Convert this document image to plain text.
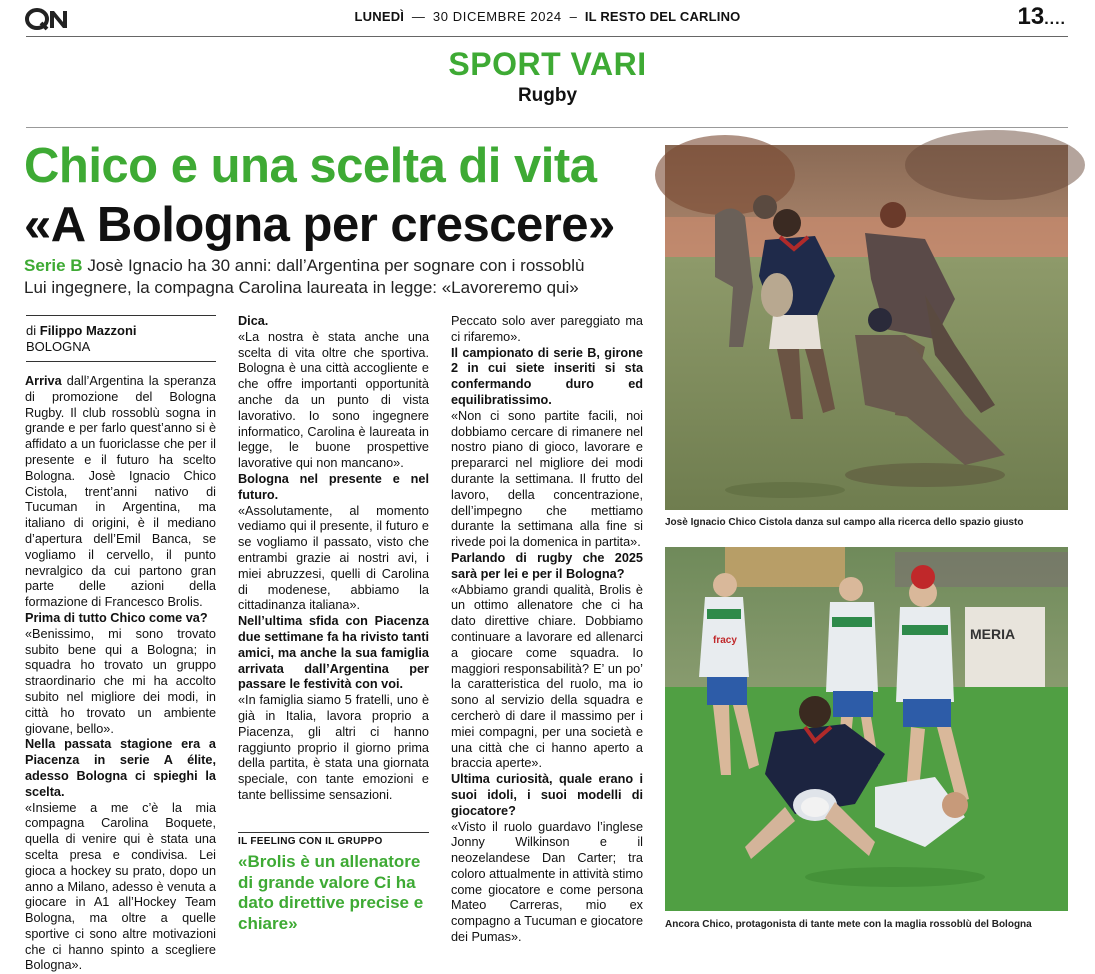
LUNEDÌ — 30 DICEMBRE 2024 – IL RESTO DEL CARLINO	13....
SPORT VARI
Rugby
Chico e una scelta di vita
«A Bologna per crescere»
Serie B Josè Ignacio ha 30 anni: dall’Argentina per sognare con i rossoblù
Lui ingegnere, la compagna Carolina laureata in legge: «Lavoreremo qui»
di Filippo Mazzoni
BOLOGNA

Arriva dall’Argentina la speranza di promozione del Bologna Rugby. Il club rossoblù sogna in grande e per farlo quest’anno si è affidato a un fuoriclasse che per il presente e il futuro ha scelto Bologna. Josè Ignacio Chico Cistola, trent’anni nativo di Tucuman in Argentina, ma italiano di origini, è il mediano d’apertura dell’Emil Banca, se vogliamo il cervello, il punto nevralgico da cui partono gran parte delle azioni della formazione di Francesco Brolis.

Prima di tutto Chico come va?

«Benissimo, mi sono trovato subito bene qui a Bologna; in squadra ho trovato un gruppo straordinario che mi ha accolto subito nel migliore dei modi, in città ho trovato un ambiente giovane, bello».

Nella passata stagione era a Piacenza in serie A élite, adesso Bologna ci spieghi la scelta.

«Insieme a me c’è la mia compagna Carolina Boquete, quella di venire qui è stata una scelta presa e condivisa. Lei gioca a hockey su prato, dopo un anno a Milano, adesso è venuta a giocare in A1 all’Hockey Team Bologna, ma oltre a quelle sportive ci sono altre motivazioni che ci hanno spinto a scegliere Bologna».

Dica.

«La nostra è stata anche una scelta di vita oltre che sportiva. Bologna è una città accogliente e che offre importanti opportunità anche da un punto di vista lavorativo. Io sono ingegnere informatico, Carolina è laureata in legge, le buone prospettive lavorative qui non mancano».

Bologna nel presente e nel futuro.

«Assolutamente, al momento vediamo qui il presente, il futuro e se vogliamo il passato, visto che entrambi grazie ai nostri avi, i miei abruzzesi, quelli di Carolina di modenese, abbiamo la cittadinanza italiana».

Nell’ultima sfida con Piacenza due settimane fa ha rivisto tanti amici, ma anche la sua famiglia arrivata dall’Argentina per passare le festività con voi.

«In famiglia siamo 5 fratelli, uno è già in Italia, lavora proprio a Piacenza, gli altri ci hanno raggiunto proprio il giorno prima della partita, è stata una giornata speciale, con tante emozioni e tante bellissime sensazioni.

IL FEELING CON IL GRUPPO
«Brolis è un allenatore di grande valore Ci ha dato direttive precise e chiare»

Peccato solo aver pareggiato ma ci rifaremo».

Il campionato di serie B, girone 2 in cui siete inseriti si sta confermando duro ed equilibratissimo.

«Non ci sono partite facili, noi dobbiamo cercare di rimanere nel nostro piano di gioco, lavorare e prepararci nel migliore dei modi durante la settimana. Il frutto del lavoro, della concentrazione, dell’impegno che mettiamo durante la settimana alla fine si rivede poi la domenica in partita».

Parlando di rugby che 2025 sarà per lei e per il Bologna?

«Abbiamo grandi qualità, Brolis è un ottimo allenatore che ci ha dato direttive chiare. Dobbiamo continuare a lavorare ed allenarci a giocare come squadra. Io maggiori responsabilità? E’ un po’ la caratteristica del ruolo, ma io sono al servizio della squadra e cercherò di dare il massimo per i miei compagni, per una società e una città che ci hanno aperto a braccia aperte».

Ultima curiosità, quale erano i suoi idoli, i suoi modelli di giocatore?

«Visto il ruolo guardavo l’inglese Jonny Wilkinson e il neozelandese Dan Carter; tra coloro attualmente in attività stimo come giocatore e come persona Mateo Carreras, mio ex compagno a Tucuman e giocatore dei Pumas».

Josè Ignacio Chico Cistola danza sul campo alla ricerca dello spazio giusto
MERIA
fracy
Ancora Chico, protagonista di tante mete con la maglia rossoblù del Bologna
